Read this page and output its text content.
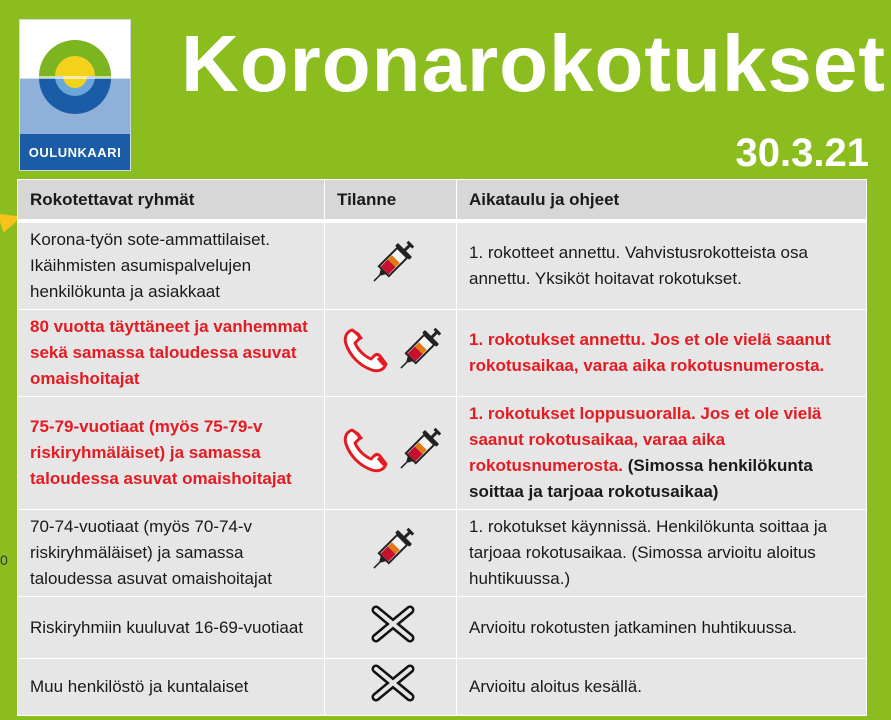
OULUNKAARI
Koronarokotukset
30.3.21
0
Rokotettavat ryhmät	Tilanne	Aikataulu ja ohjeet
Korona-työn sote-ammattilaiset. Ikäihmisten asumispalvelujen henkilökunta ja asiakkaat		1. rokotteet annettu. Vahvistusrokotteista osa annettu. Yksiköt hoitavat rokotukset.
80 vuotta täyttäneet ja vanhemmat sekä samassa taloudessa asuvat omaishoitajat		1. rokotukset annettu. Jos et ole vielä saanut rokotusaikaa, varaa aika rokotusnumerosta.
75-79-vuotiaat (myös 75-79-v riskiryhmäläiset) ja samassa taloudessa asuvat omaishoitajat		1. rokotukset loppusuoralla. Jos et ole vielä saanut rokotusaikaa, varaa aika rokotusnumerosta. (Simossa henkilökunta soittaa ja tarjoaa rokotusaikaa)
70-74-vuotiaat (myös 70-74-v riskiryhmäläiset) ja samassa taloudessa asuvat omaishoitajat		1. rokotukset käynnissä. Henkilökunta soittaa ja tarjoaa rokotusaikaa. (Simossa arvioitu aloitus huhtikuussa.)
Riskiryhmiin kuuluvat 16-69-vuotiaat		Arvioitu rokotusten jatkaminen huhtikuussa.
Muu henkilöstö ja kuntalaiset		Arvioitu aloitus kesällä.
